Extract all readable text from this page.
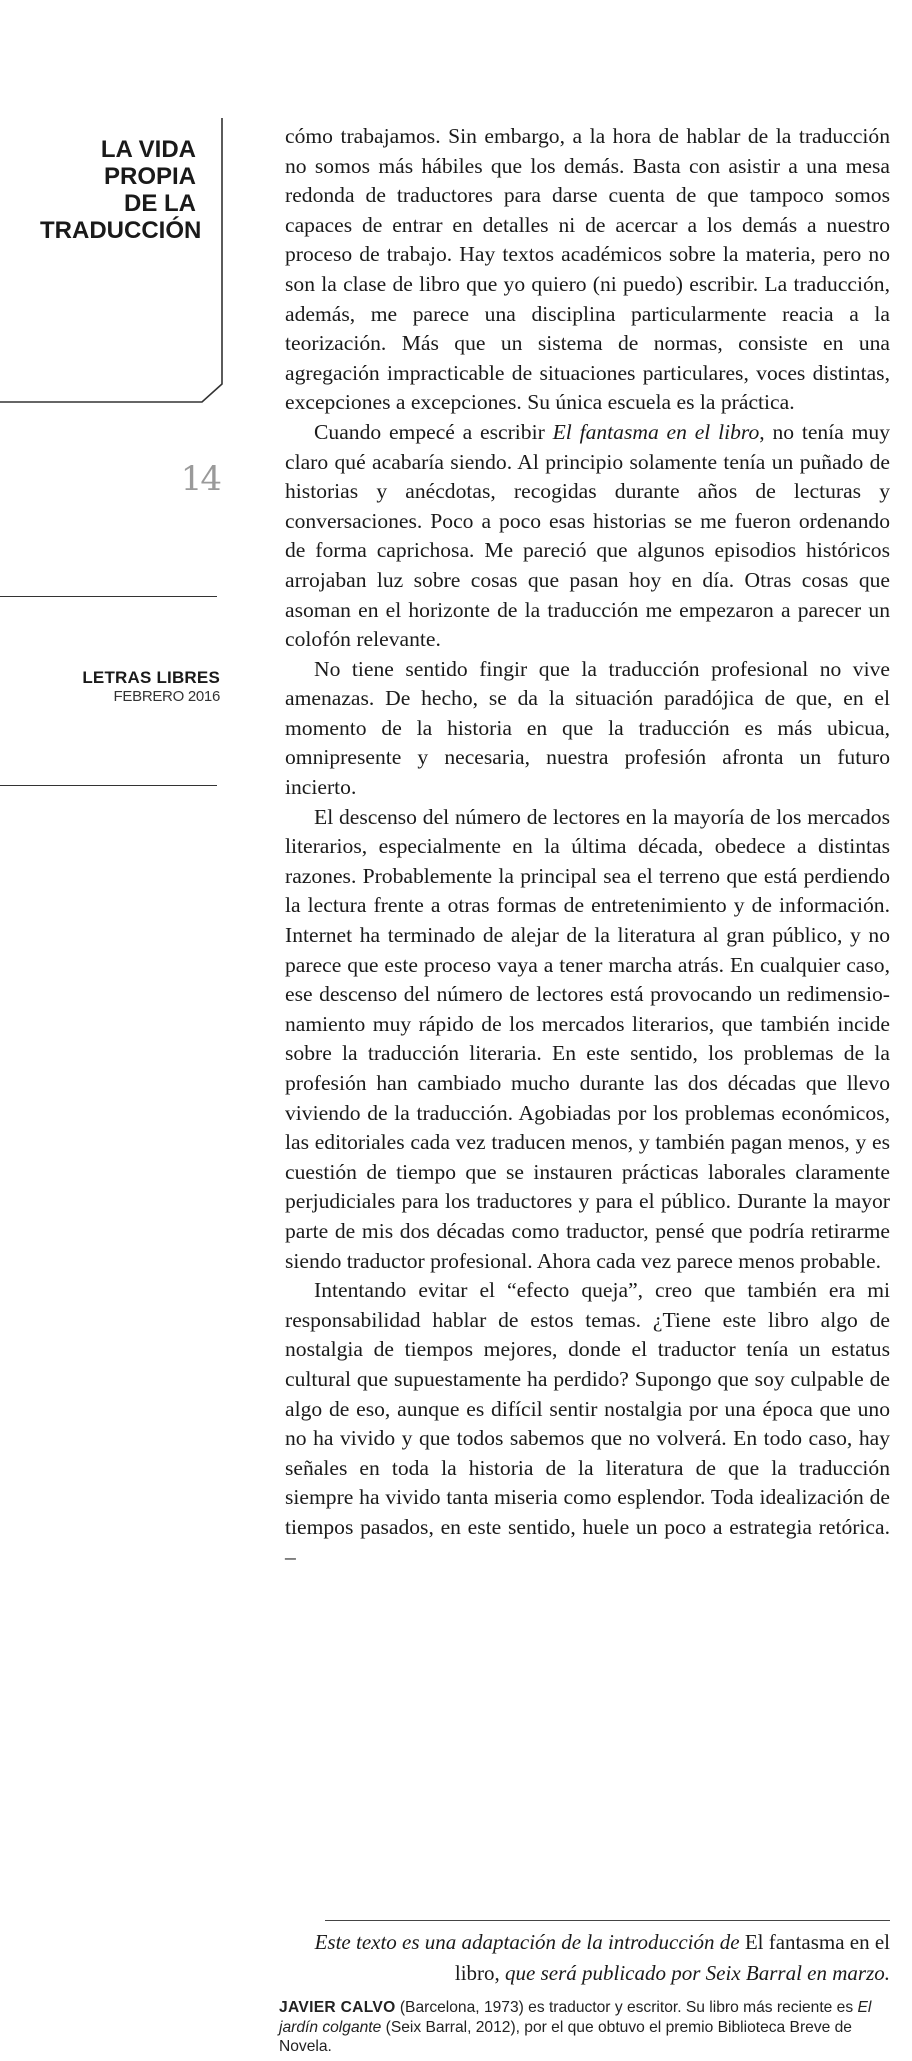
LA VIDA
PROPIA
DE LA
TRADUCCIÓN
14
LETRAS LIBRES
FEBRERO 2016

cómo trabajamos. Sin embargo, a la hora de hablar de la traducción no somos más hábiles que los demás. Basta con asistir a una mesa redonda de traductores para darse cuenta de que tampoco somos capaces de entrar en detalles ni de acercar a los demás a nuestro proceso de trabajo. Hay textos académicos sobre la materia, pero no son la clase de libro que yo quiero (ni puedo) escribir. La traducción, además, me parece una disciplina particularmente reacia a la teorización. Más que un sistema de normas, consiste en una agregación impracticable de situaciones particulares, voces distintas, excepciones a excepciones. Su única escuela es la práctica.

Cuando empecé a escribir El fantasma en el libro, no tenía muy claro qué acabaría siendo. Al principio solamente tenía un puñado de historias y anécdotas, recogidas durante años de lecturas y conversaciones. Poco a poco esas historias se me fueron ordenando de forma caprichosa. Me pareció que algunos episodios históricos arrojaban luz sobre cosas que pasan hoy en día. Otras cosas que asoman en el horizonte de la traducción me empezaron a parecer un colofón relevante.

No tiene sentido fingir que la traducción profesional no vive amenazas. De hecho, se da la situación paradójica de que, en el momento de la historia en que la traducción es más ubicua, omnipresente y necesaria, nuestra profesión afronta un futuro incierto.

El descenso del número de lectores en la mayoría de los mercados literarios, especialmente en la última década, obedece a distintas razones. Probablemente la principal sea el terreno que está perdiendo la lectura frente a otras formas de entretenimiento y de información. Internet ha terminado de alejar de la literatura al gran público, y no parece que este proceso vaya a tener marcha atrás. En cualquier caso, ese descenso del número de lectores está provocando un redimensionamiento muy rápido de los mercados literarios, que también incide sobre la traducción literaria. En este sentido, los problemas de la profesión han cambiado mucho durante las dos décadas que llevo viviendo de la traducción. Agobiadas por los problemas económicos, las editoriales cada vez traducen menos, y también pagan menos, y es cuestión de tiempo que se instauren prácticas laborales claramente perjudiciales para los traductores y para el público. Durante la mayor parte de mis dos décadas como traductor, pensé que podría retirarme siendo traductor profesional. Ahora cada vez parece menos probable.

Intentando evitar el “efecto queja”, creo que también era mi responsabilidad hablar de estos temas. ¿Tiene este libro algo de nostalgia de tiempos mejores, donde el traductor tenía un estatus cultural que supuestamente ha perdido? Supongo que soy culpable de algo de eso, aunque es difícil sentir nostalgia por una época que uno no ha vivido y que todos sabemos que no volverá. En todo caso, hay señales en toda la historia de la literatura de que la traducción siempre ha vivido tanta miseria como esplendor. Toda idealización de tiempos pasados, en este sentido, huele un poco a estrategia retórica. –

Este texto es una adaptación de la introducción de El fantasma en el libro, que será publicado por Seix Barral en marzo.

JAVIER CALVO (Barcelona, 1973) es traductor y escritor. Su libro más reciente es El jardín colgante (Seix Barral, 2012), por el que obtuvo el premio Biblioteca Breve de Novela.
